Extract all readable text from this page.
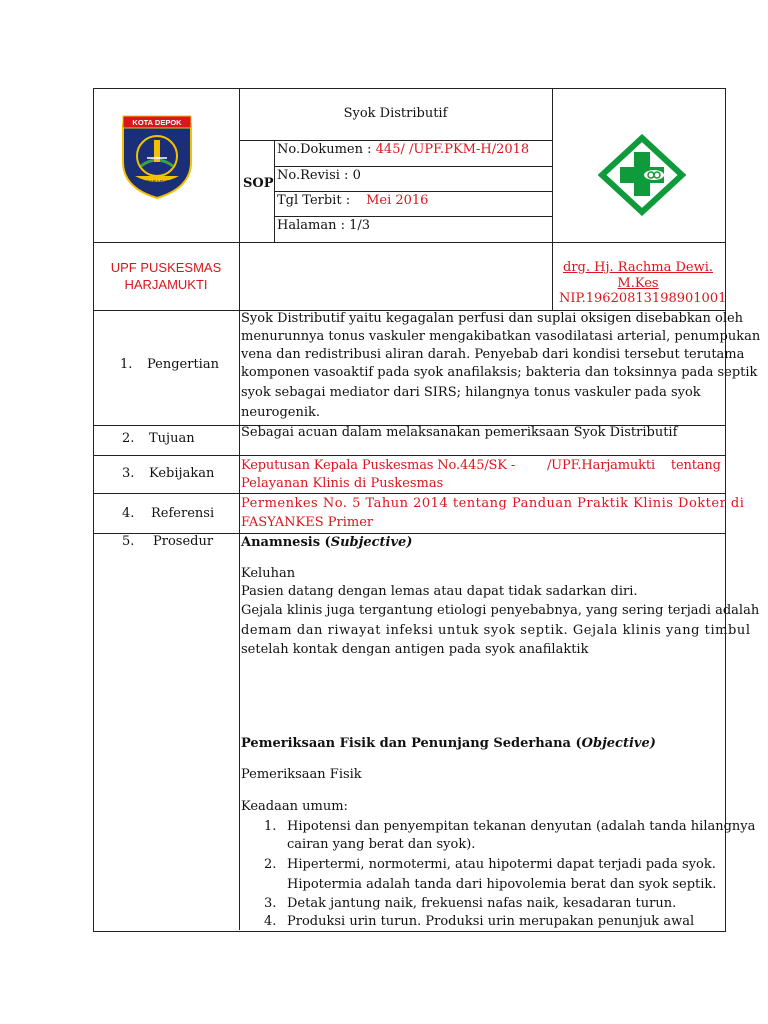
KOTA DEPOK
PANCARA DARMA
Syok Distributif
SOP
No.Dokumen : 445/ /UPF.PKM-H/2018
No.Revisi : 0
Tgl Terbit : Mei 2016
Halaman : 1/3
UPF PUSKESMAS
HARJAMUKTI
drg. Hj. Rachma Dewi.
M.Kes
NIP.19620813198901001
1. Pengertian
Syok Distributif yaitu kegagalan perfusi dan suplai oksigen disebabkan oleh
menurunnya tonus vaskuler mengakibatkan vasodilatasi arterial, penumpukan
vena dan redistribusi aliran darah. Penyebab dari kondisi tersebut terutama
komponen vasoaktif pada syok anafilaksis; bakteria dan toksinnya pada septik
syok sebagai mediator dari SIRS; hilangnya tonus vaskuler pada syok
neurogenik.
2. Tujuan	Sebagai acuan dalam melaksanakan pemeriksaan Syok Distributif
3. Kebijakan
Keputusan Kepala Puskesmas No.445/SK -        /UPF.Harjamukti    tentang
Pelayanan Klinis di Puskesmas
4. Referensi
Permenkes No. 5 Tahun 2014 tentang Panduan Praktik Klinis Dokter di
FASYANKES Primer
5. Prosedur Anamnesis (Subjective)
Keluhan
Pasien datang dengan lemas atau dapat tidak sadarkan diri.
Gejala klinis juga tergantung etiologi penyebabnya, yang sering terjadi adalah
demam dan riwayat infeksi untuk syok septik. Gejala klinis yang timbul
setelah kontak dengan antigen pada syok anafilaktik
Pemeriksaan Fisik dan Penunjang Sederhana (Objective)
Pemeriksaan Fisik
Keadaan umum:
1. Hipotensi dan penyempitan tekanan denyutan (adalah tanda hilangnya
cairan yang berat dan syok).
2. Hipertermi, normotermi, atau hipotermi dapat terjadi pada syok.
Hipotermia adalah tanda dari hipovolemia berat dan syok septik.
3. Detak jantung naik, frekuensi nafas naik, kesadaran turun.
4. Produksi urin turun. Produksi urin merupakan penunjuk awal
